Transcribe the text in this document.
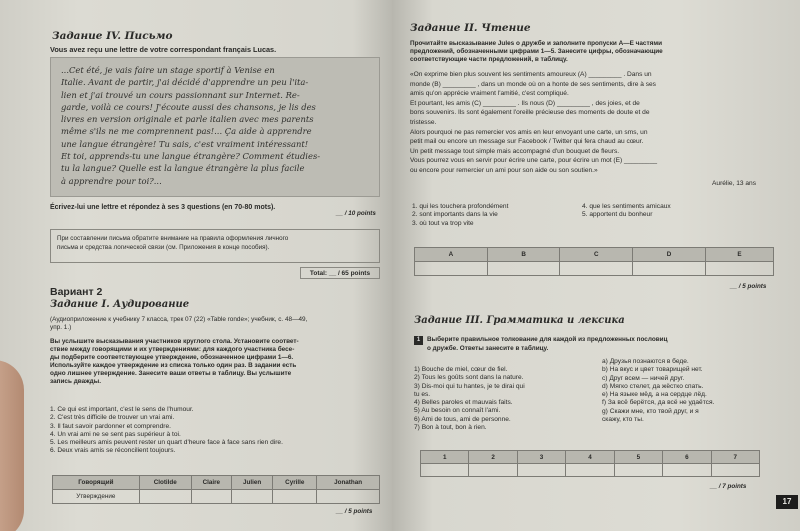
Задание IV. Письмо
Vous avez reçu une lettre de votre correspondant français Lucas.
...Cet été, je vais faire un stage sportif à Venise en
Italie. Avant de partir, j'ai décidé d'apprendre un peu l'ita-
lien et j'ai trouvé un cours passionnant sur Internet. Re-
garde, voilà ce cours! J'écoute aussi des chansons, je lis des
livres en version originale et parle italien avec mes parents
même s'ils ne me comprennent pas!... Ça aide à apprendre
une langue étrangère! Tu sais, c'est vraiment intéressant!
Et toi, apprends-tu une langue étrangère? Comment étudies-
tu la langue? Quelle est la langue étrangère la plus facile
à apprendre pour toi?...
Écrivez-lui une lettre et répondez à ses 3 questions (en 70-80 mots).
__ / 10 points
При составлении письма обратите внимание на правила оформления личного
письма и средства логической связи (см. Приложения в конце пособия).
Total: __ / 65 points
Вариант 2
Задание I. Аудирование
(Аудиоприложение к учебнику 7 класса, трек 07 (22) «Table ronde»; учебник, с. 48—49,
упр. 1.)
Вы услышите высказывания участников круглого стола. Установите соответ-
ствие между говорящими и их утверждениями: для каждого участника бесе-
ды подберите соответствующее утверждение, обозначенное цифрами 1—6.
Используйте каждое утверждение из списка только один раз. В задании есть
одно лишнее утверждение. Занесите ваши ответы в таблицу. Вы услышите
запись дважды.
1. Ce qui est important, c'est le sens de l'humour.
2. C'est très difficile de trouver un vrai ami.
3. Il faut savoir pardonner et comprendre.
4. Un vrai ami ne se sent pas supérieur à toi.
5. Les meilleurs amis peuvent rester un quart d'heure face à face sans rien dire.
6. Deux vrais amis se réconcilient toujours.
Говорящий	Clotilde	Claire	Julien	Cyrille	Jonathan
Утверждение					
__ / 5 points
Задание II. Чтение
Прочитайте высказывание Jules о дружбе и заполните пропуски A—E частями
предложений, обозначенными цифрами 1—5. Занесите цифры, обозначающие
соответствующие части предложений, в таблицу.
«On exprime bien plus souvent les sentiments amoureux (A) _________ . Dans un
monde (B) _________ , dans un monde où on a honte de ses sentiments, dire à ses
amis qu'on apprécie vraiment l'amitié, c'est compliqué.
Et pourtant, les amis (C) _________ . Ils nous (D) _________ , des joies, et de
bons souvenirs. Ils sont également l'oreille précieuse des moments de doute et de
tristesse.
Alors pourquoi ne pas remercier vos amis en leur envoyant une carte, un sms, un
petit mail ou encore un message sur Facebook / Twitter qui fera chaud au cœur.
Un petit message tout simple mais accompagné d'un bouquet de fleurs.
Vous pourrez vous en servir pour écrire une carte, pour écrire un mot (E) _________
ou encore pour remercier un ami pour son aide ou son soutien.»
Aurélie, 13 ans
1. qui les touchera profondément
2. sont importants dans la vie
3. où tout va trop vite
4. que les sentiments amicaux
5. apportent du bonheur
A	B	C	D	E

__ / 5 points
Задание III. Грамматика и лексика
1 Выберите правильное толкование для каждой из предложенных пословиц
о дружбе. Ответы занесите в таблицу.
1) Bouche de miel, cœur de fiel.
2) Tous les goûts sont dans la nature.
3) Dis-moi qui tu hantes, je te dirai qui
tu es.
4) Belles paroles et mauvais faits.
5) Au besoin on connaît l'ami.
6) Ami de tous, ami de personne.
7) Bon à tout, bon à rien.
a) Друзья познаются в беде.
b) На вкус и цвет товарищей нет.
c) Друг всем — ничей друг.
d) Мягко стелет, да жёстко спать.
e) На языке мёд, а на сердце лёд.
f) За всё берётся, да всё не удаётся.
g) Скажи мне, кто твой друг, и я
скажу, кто ты.
1	2	3	4	5	6	7

__ / 7 points
17
